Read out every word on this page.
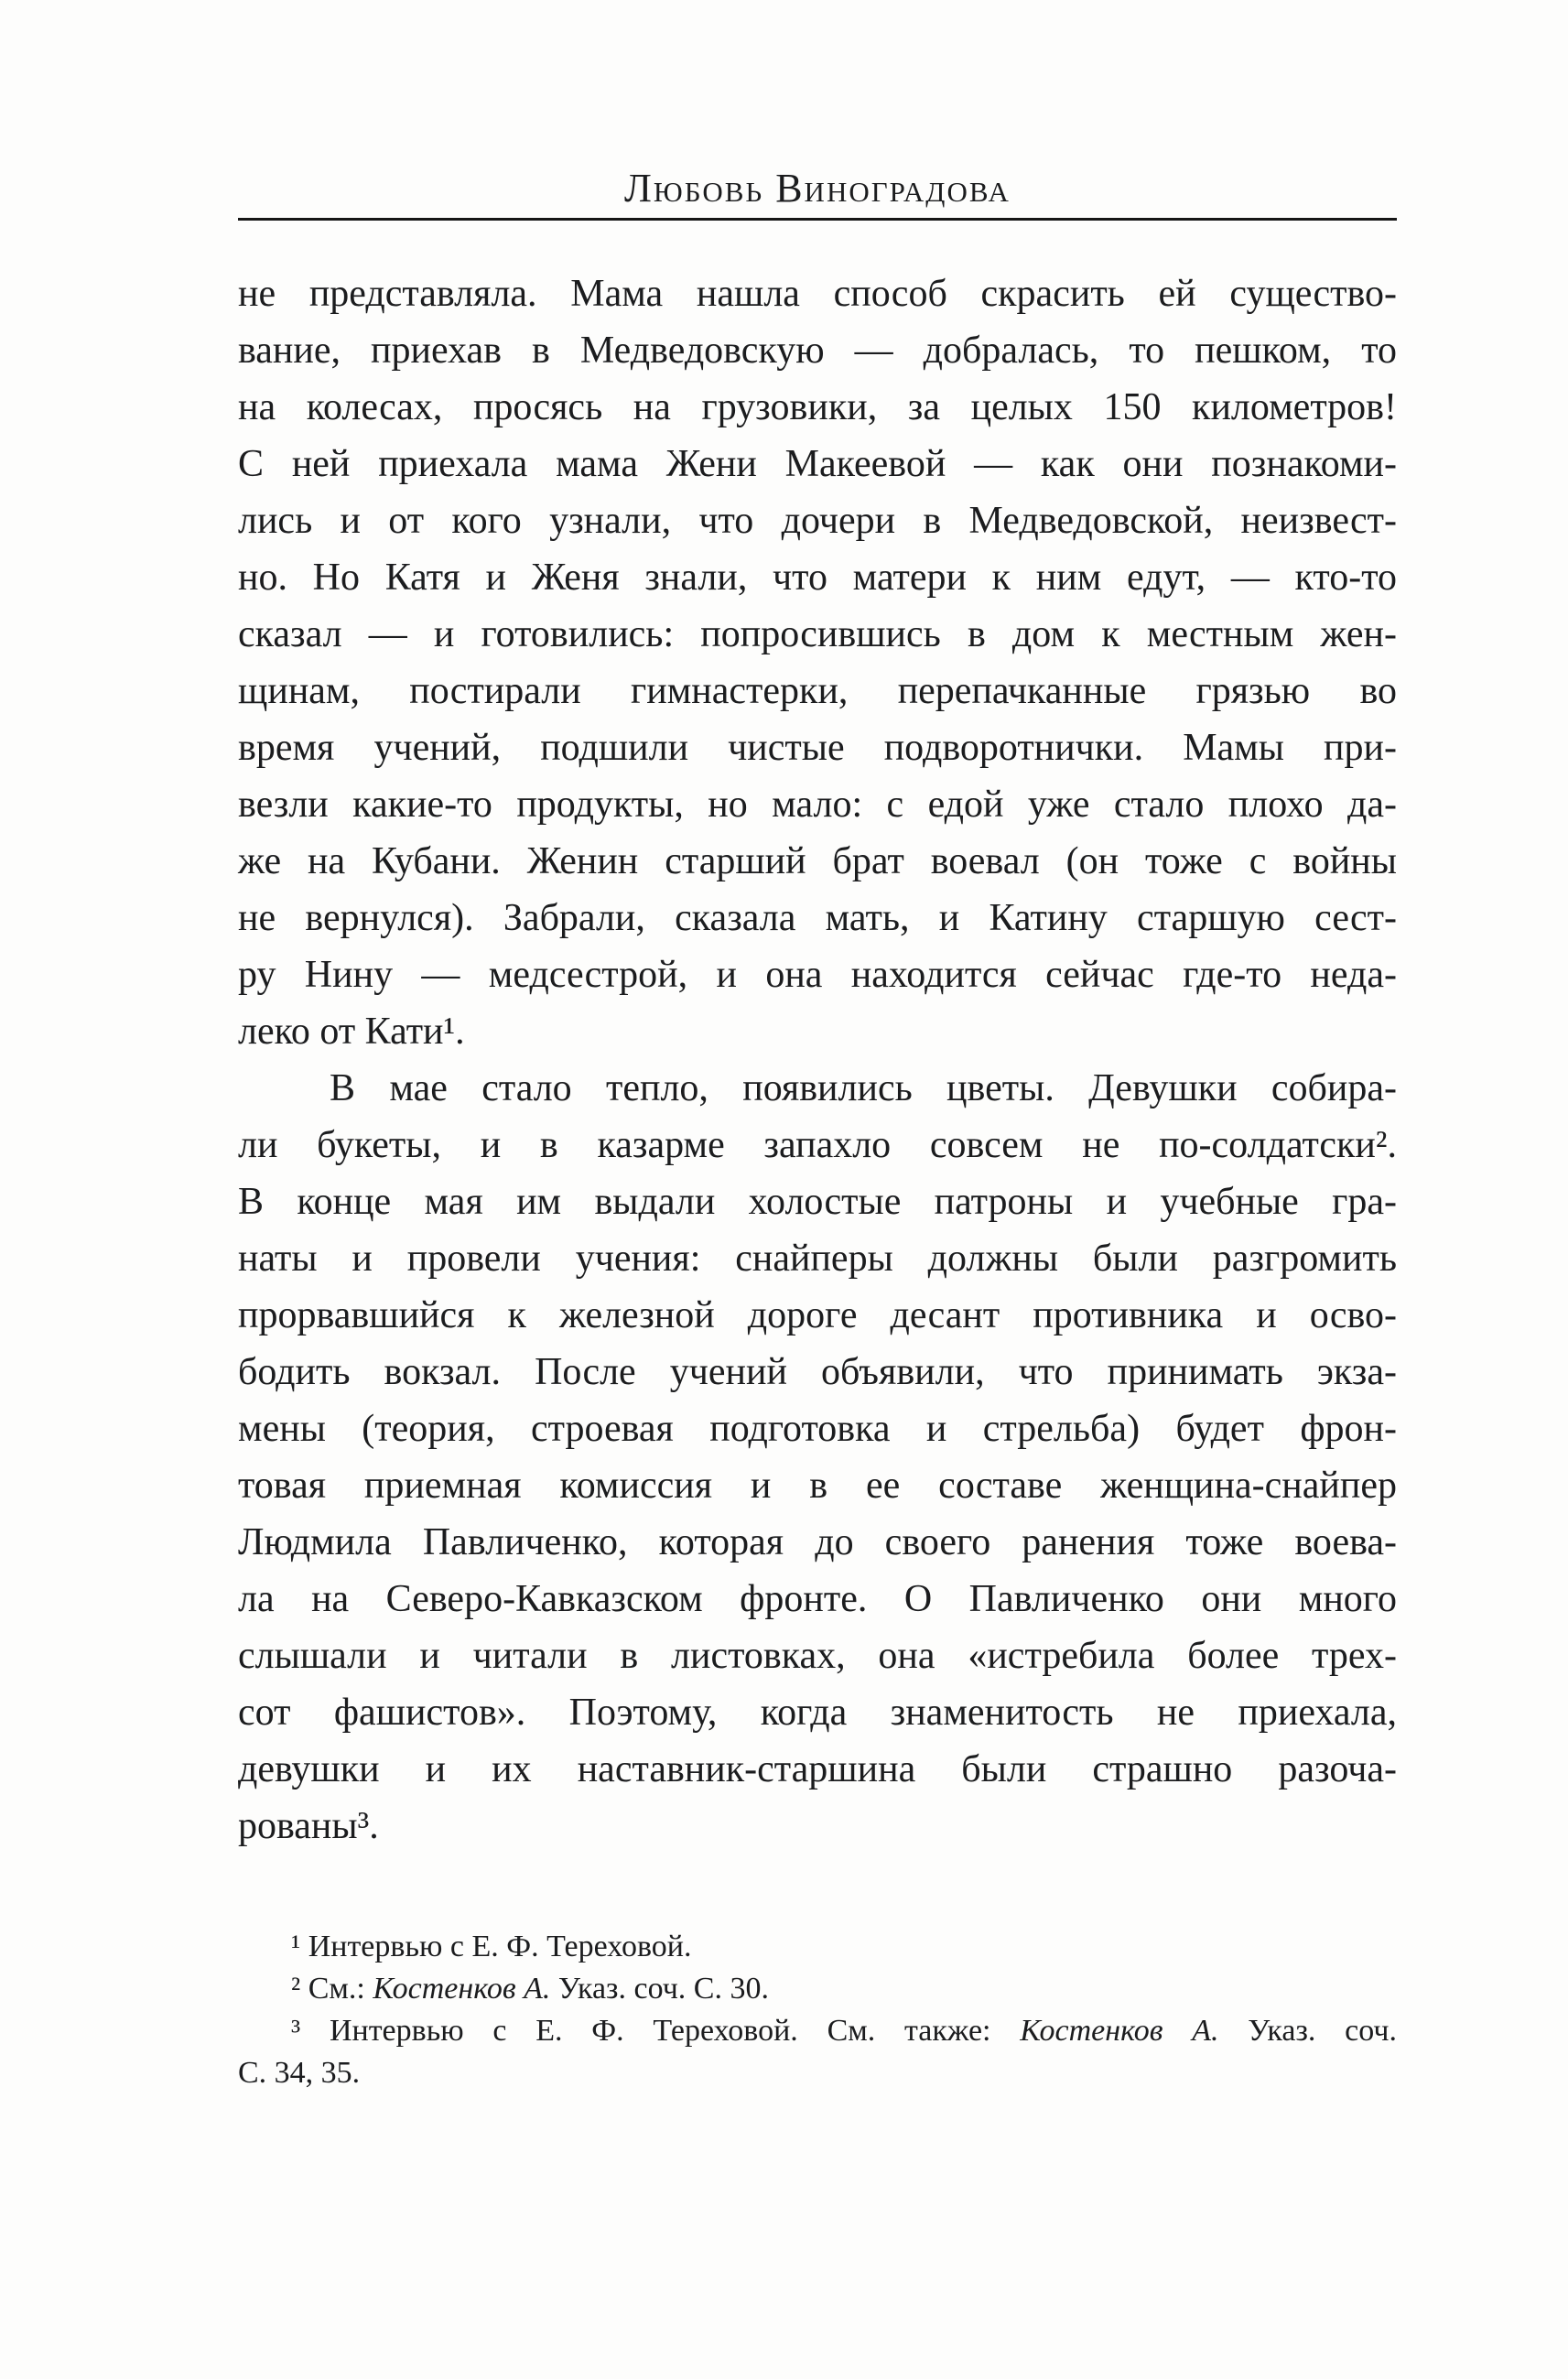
Любовь Виноградова
не представляла. Мама нашла способ скрасить ей существо-
вание, приехав в Медведовскую — добралась, то пешком, то
на колесах, просясь на грузовики, за целых 150 километров!
С ней приехала мама Жени Макеевой — как они познакоми-
лись и от кого узнали, что дочери в Медведовской, неизвест-
но. Но Катя и Женя знали, что матери к ним едут, — кто-то
сказал — и готовились: попросившись в дом к местным жен-
щинам, постирали гимнастерки, перепачканные грязью во
время учений, подшили чистые подворотнички. Мамы при-
везли какие-то продукты, но мало: с едой уже стало плохо да-
же на Кубани. Женин старший брат воевал (он тоже с войны
не вернулся). Забрали, сказала мать, и Катину старшую сест-
ру Нину — медсестрой, и она находится сейчас где-то неда-
леко от Кати¹.
В мае стало тепло, появились цветы. Девушки собира-
ли букеты, и в казарме запахло совсем не по-солдатски².
В конце мая им выдали холостые патроны и учебные гра-
наты и провели учения: снайперы должны были разгромить
прорвавшийся к железной дороге десант противника и осво-
бодить вокзал. После учений объявили, что принимать экза-
мены (теория, строевая подготовка и стрельба) будет фрон-
товая приемная комиссия и в ее составе женщина-снайпер
Людмила Павличенко, которая до своего ранения тоже воева-
ла на Северо-Кавказском фронте. О Павличенко они много
слышали и читали в листовках, она «истребила более трех-
сот фашистов». Поэтому, когда знаменитость не приехала,
девушки и их наставник-старшина были страшно разоча-
рованы³.
¹ Интервью с Е. Ф. Тереховой.
² См.: Костенков А. Указ. соч. С. 30.
³ Интервью с Е. Ф. Тереховой. См. также: Костенков А. Указ. соч.
С. 34, 35.
